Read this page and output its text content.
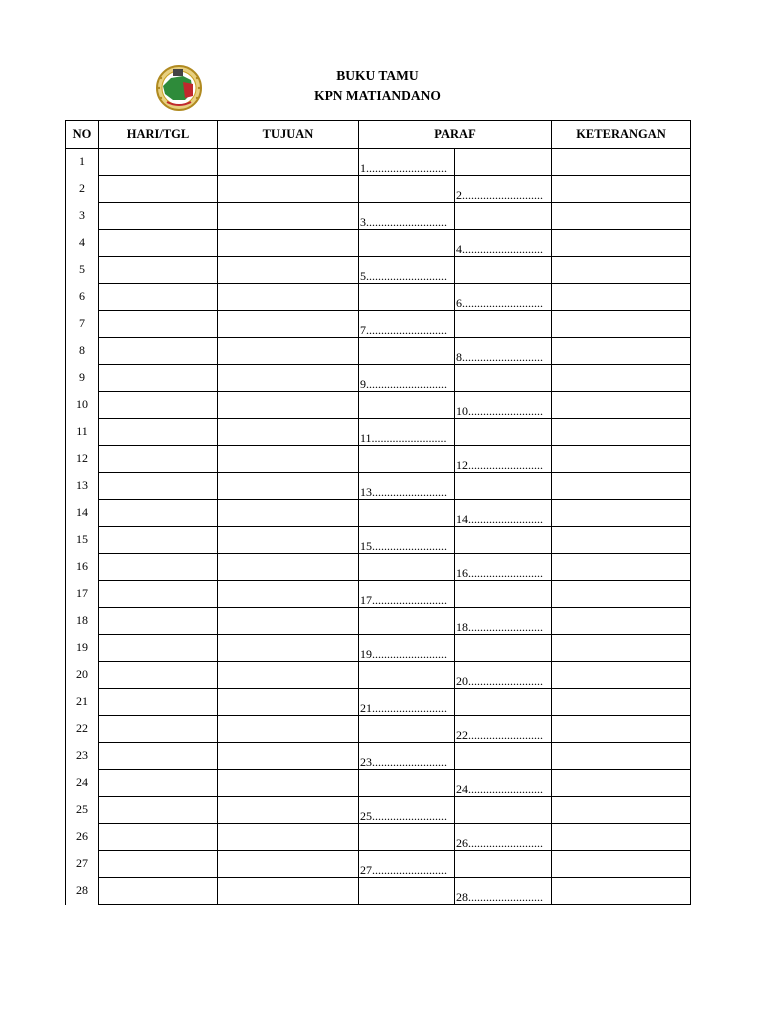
BUKU TAMU
KPN MATIANDANO
NO	HARI/TGL	TUJUAN	PARAF		KETERANGAN
1			1...........................		
2				2...........................	
3			3...........................		
4				4...........................	
5			5...........................		
6				6...........................	
7			7...........................		
8				8...........................	
9			9...........................		
10				10.........................	
11			11.........................		
12				12.........................	
13			13.........................		
14				14.........................	
15			15.........................		
16				16.........................	
17			17.........................		
18				18.........................	
19			19.........................		
20				20.........................	
21			21.........................		
22				22.........................	
23			23.........................		
24				24.........................	
25			25.........................		
26				26.........................	
27			27.........................		
28				28.........................	
